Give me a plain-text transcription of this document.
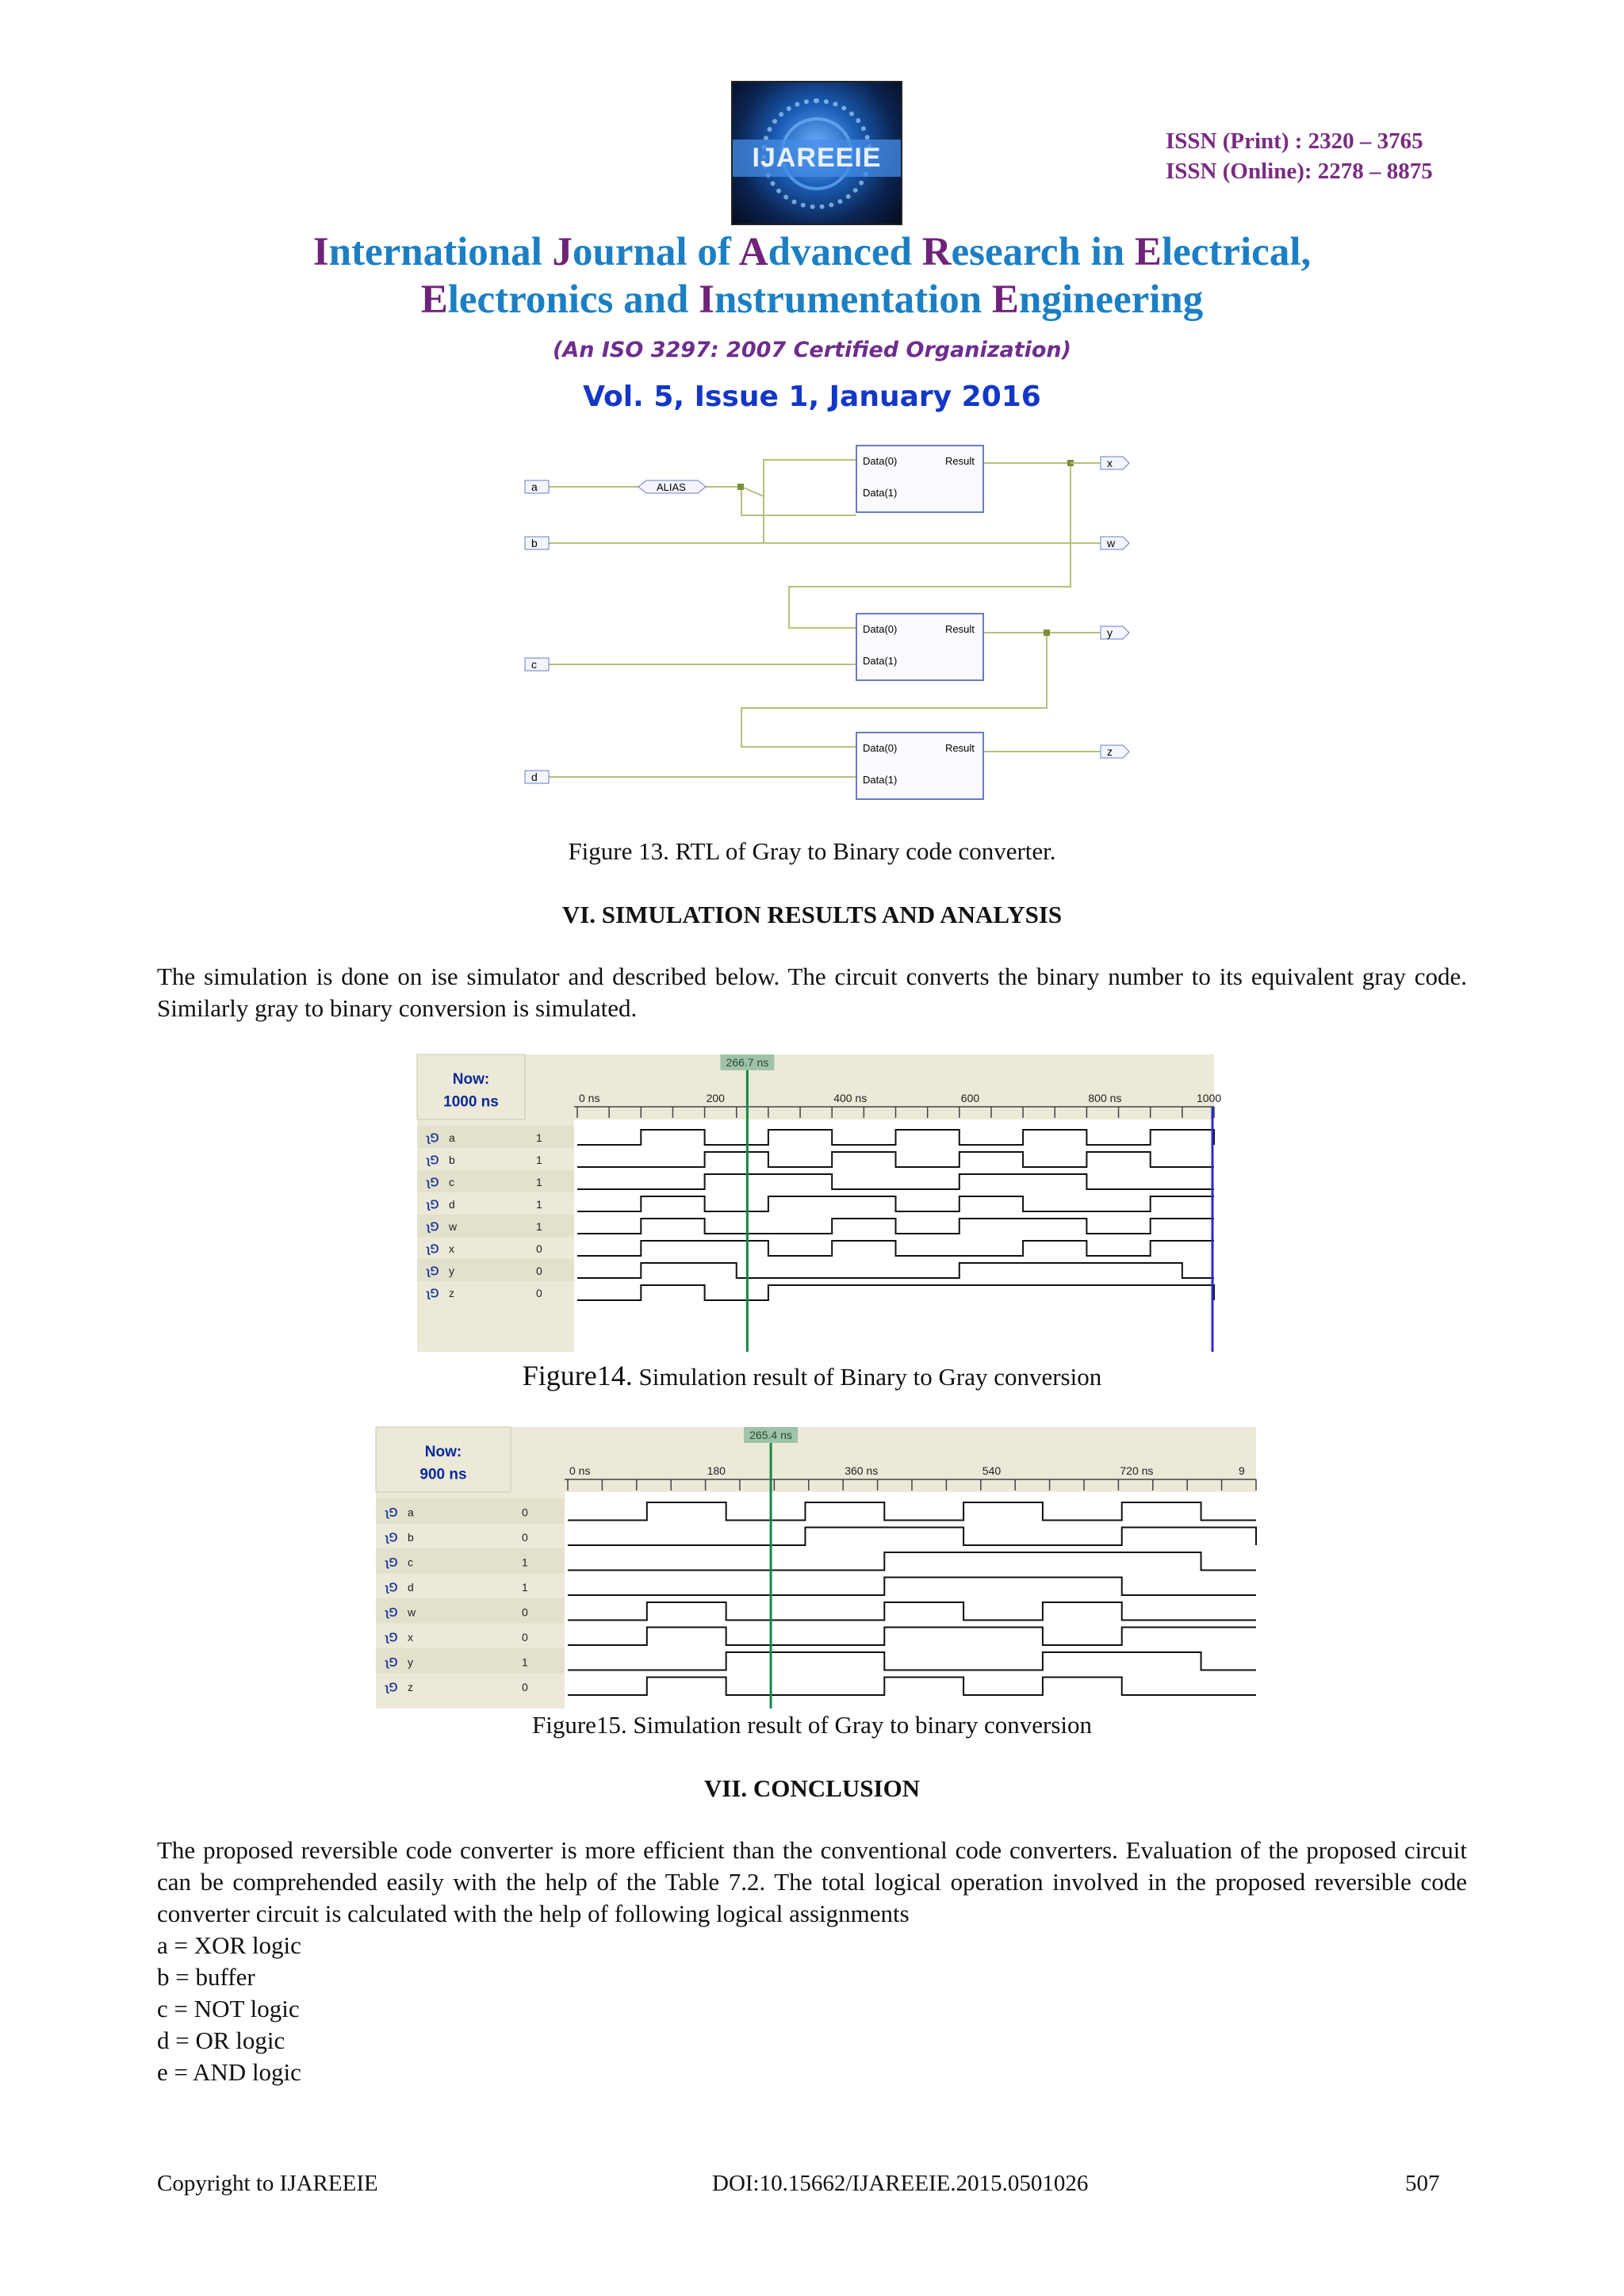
IJAREEIE
ISSN (Print) : 2320 – 3765
ISSN (Online): 2278 – 8875
International Journal of Advanced Research in Electrical,
Electronics and Instrumentation Engineering
(An ISO 3297: 2007 Certified Organization)
Vol. 5, Issue 1, January 2016
a
b
c
d
ALIAS
Data(0)
Data(1)
Result
Data(0)
Data(1)
Result
Data(0)
Data(1)
Result
x
w
y
z
Figure 13. RTL of Gray to Binary code converter.
VI. SIMULATION RESULTS AND ANALYSIS
The simulation is done on ise simulator and described below. The circuit converts the binary number to its equivalent gray code. Similarly gray to binary conversion is simulated.
Now:
1000 ns	0 ns	200	400 ns	600	800 ns	1000
ʅ⅁ a	1
ʅ⅁ b	1
ʅ⅁ c	1
ʅ⅁ d	1
ʅ⅁ w	1
ʅ⅁ x	0
ʅ⅁ y	0
ʅ⅁ z	0
266.7 ns
Figure14. Simulation result of Binary to Gray conversion
Now:
900 ns	0 ns	180	360 ns	540	720 ns	9
ʅ⅁ a	0
ʅ⅁ b	0
ʅ⅁ c	1
ʅ⅁ d	1
ʅ⅁ w	0
ʅ⅁ x	0
ʅ⅁ y	1
ʅ⅁ z	0
265.4 ns
Figure15. Simulation result of Gray to binary conversion
VII. CONCLUSION
The proposed reversible code converter is more efficient than the conventional code converters. Evaluation of the proposed circuit can be comprehended easily with the help of the Table 7.2. The total logical operation involved in the proposed reversible code converter circuit is calculated with the help of following logical assignments
a = XOR logic
b = buffer
c = NOT logic
d = OR logic
e = AND logic
Copyright to IJAREEIE	DOI:10.15662/IJAREEIE.2015.0501026	507
